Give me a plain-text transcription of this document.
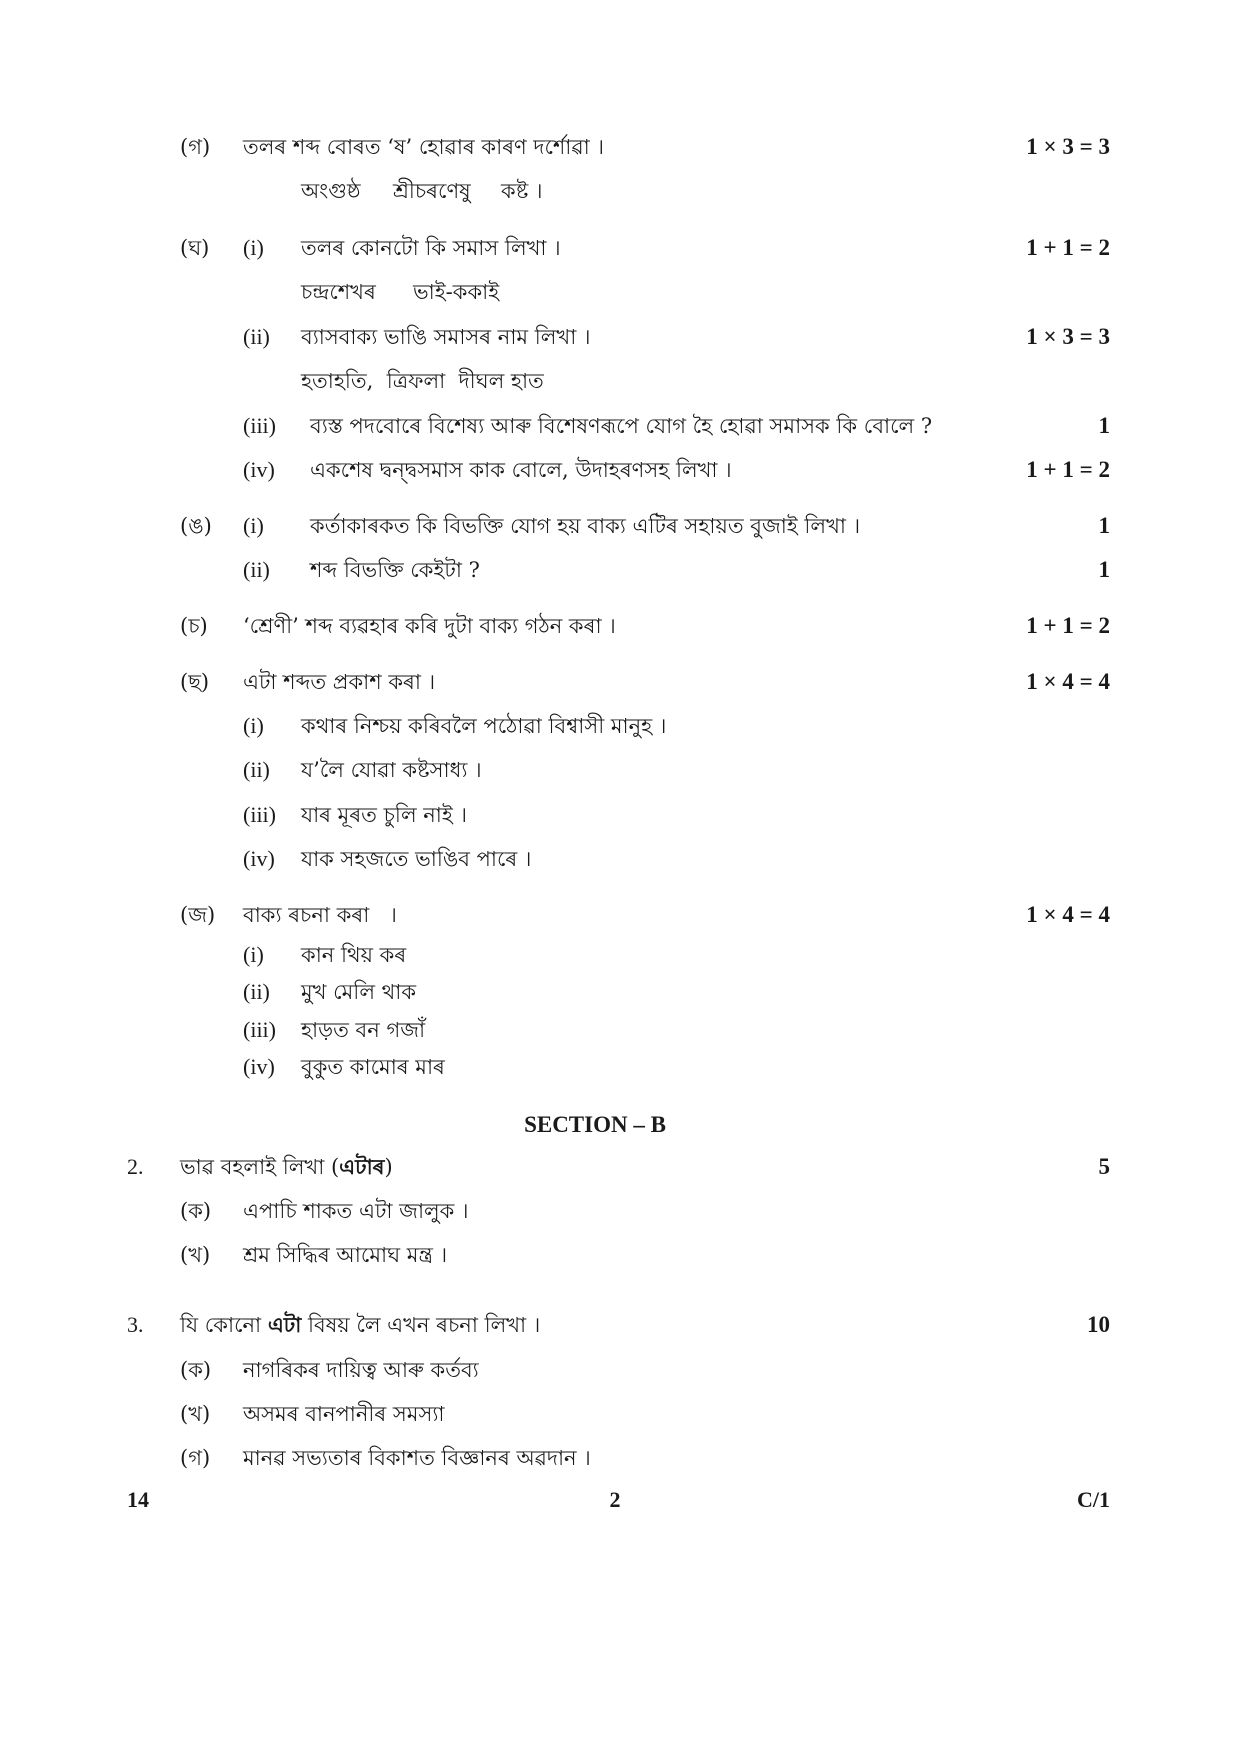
(গ) তলৰ শব্দ বোৰত ‘ষ’ হোৱাৰ কাৰণ দৰ্শোৱা ।	1 × 3 = 3
অংগুষ্ঠ শ্ৰীচৰণেষু কষ্ট ।
(ঘ) (i) তলৰ কোনটো কি সমাস লিখা ।	1 + 1 = 2
চন্দ্ৰশেখৰ ভাই-ককাই
(ii) ব্যাসবাক্য ভাঙি সমাসৰ নাম লিখা ।	1 × 3 = 3
হতাহতি,  ত্ৰিফলা  দীঘল হাত
(iii) ব্যস্ত পদবোৰে বিশেষ্য আৰু বিশেষণৰূপে যোগ হৈ হোৱা সমাসক কি বোলে ?	1
(iv) একশেষ দ্বন্দ্বসমাস কাক বোলে, উদাহৰণসহ লিখা ।	1 + 1 = 2
(ঙ) (i) কৰ্তাকাৰকত কি বিভক্তি যোগ হয় বাক্য এটিৰ সহায়ত বুজাই লিখা ।	1
(ii) শব্দ বিভক্তি কেইটা ?	1
(চ) ‘শ্ৰেণী’ শব্দ ব্যৱহাৰ কৰি দুটা বাক্য গঠন কৰা ।	1 + 1 = 2
(ছ) এটা শব্দত প্ৰকাশ কৰা ।	1 × 4 = 4
(i) কথাৰ নিশ্চয় কৰিবলৈ পঠোৱা বিশ্বাসী মানুহ ।
(ii) য’লৈ যোৱা কষ্টসাধ্য ।
(iii) যাৰ মূৰত চুলি নাই ।
(iv) যাক সহজতে ভাঙিব পাৰে ।
(জ) বাক্য ৰচনা কৰা   ।	1 × 4 = 4
(i) কান থিয় কৰ
(ii) মুখ মেলি থাক
(iii) হাড়ত বন গজাঁ
(iv) বুকুত কামোৰ মাৰ
SECTION – B
2. ভাৱ বহলাই লিখা (এটাৰ)	5
(ক) এপাচি শাকত এটা জালুক ।
(খ) শ্ৰম সিদ্ধিৰ আমোঘ মন্ত্ৰ ।
3. যি কোনো এটা বিষয় লৈ এখন ৰচনা লিখা ।	10
(ক) নাগৰিকৰ দায়িত্ব আৰু কৰ্তব্য
(খ) অসমৰ বানপানীৰ সমস্যা
(গ) মানৱ সভ্যতাৰ বিকাশত বিজ্ঞানৰ অৱদান ।
14	2	C/1
